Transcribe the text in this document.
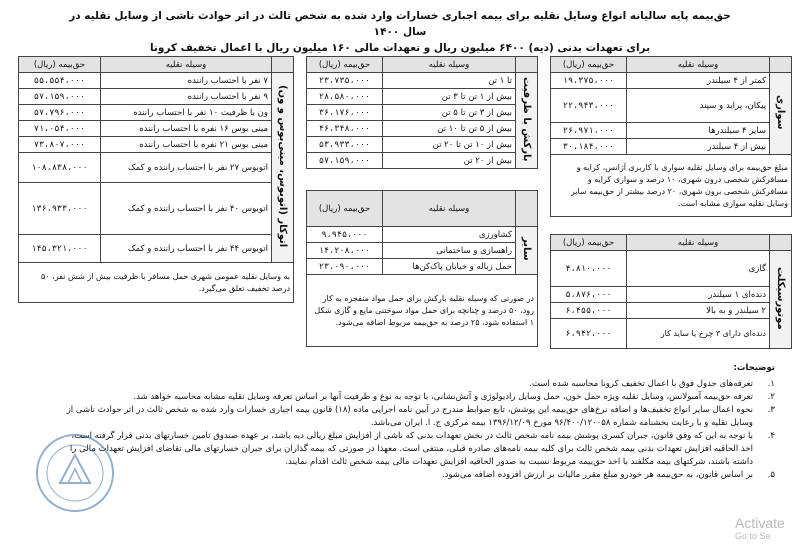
حق‌بیمه پایه سالیانه انواع وسایل نقلیه برای بیمه اجباری خسارات وارد شده به شخص ثالث در اثر حوادث ناشی از وسایل نقلیه در سال ۱۴۰۰
برای تعهدات بدنی (دیه) ۶۴۰۰ میلیون ریال و تعهدات مالی ۱۶۰ میلیون ریال با اعمال تخفیف کرونا
	وسیله نقلیه	حق‌بیمه (ریال)
سواری	کمتر از ۴ سیلندر	۱۹،۳۷۵،۰۰۰
	پیکان، پراید و سپند	۲۲،۹۴۳،۰۰۰
	سایر ۴ سیلندرها	۲۶،۹۷۱،۰۰۰
	بیش از ۴ سیلندر	۳۰،۱۸۴،۰۰۰
مبلغ حق‌بیمه برای وسایل نقلیه سواری با کاربری آژانس، کرایه و مسافرکش شخصی درون شهری، ۱۰ درصد و سواری کرایه و مسافرکش شخصی برون شهری، ۲۰ درصد بیشتر از حق‌بیمه سایر وسایل نقلیه سواری مشابه است.		
	وسیله نقلیه	حق‌بیمه (ریال)
موتورسیکلت	گازی	۴،۸۱۰،۰۰۰
	دنده‌ای ۱ سیلندر	۵،۸۷۶،۰۰۰
	۲ سیلندر و به بالا	۶،۴۵۵،۰۰۰
	دنده‌ای دارای ۳ چرخ یا ساید کار	۶،۹۴۲،۰۰۰
	وسیله نقلیه	حق‌بیمه (ریال)
بارکش با ظرفیت	تا ۱ تن	۲۳،۷۳۵،۰۰۰
	بیش از ۱ تن تا ۳ تن	۲۸،۵۸۰،۰۰۰
	بیش از ۳ تن تا ۵ تن	۳۶،۱۷۶،۰۰۰
	بیش از ۵ تن تا ۱۰ تن	۴۶،۳۴۸،۰۰۰
	بیش از ۱۰ تن تا ۲۰ تن	۵۳،۹۳۳،۰۰۰
	بیش از ۲۰ تن	۵۷،۱۵۹،۰۰۰
	وسیله نقلیه	حق‌بیمه (ریال)
سایر	کشاورزی	۹،۹۴۵،۰۰۰
	راهسازی و ساختمانی	۱۴،۲۰۸،۰۰۰
	حمل زباله و خیابان پاک‌کن‌ها	۲۳،۰۹۰،۰۰۰
در صورتی که وسیله نقلیه بارکش برای حمل مواد منفجره به کار رود، ۵۰ درصد و چنانچه برای حمل مواد سوختنی مایع و گازی شکل ۱ استفاده شود، ۲۵ درصد به حق‌بیمه مربوط اضافه می‌شود.		
	وسیله نقلیه	حق‌بیمه (ریال)
اتوکار (اتوبوس، مینی‌بوس و ون)	۷ نفر با احتساب راننده	۵۵،۵۵۴،۰۰۰
	۹ نفر با احتساب راننده	۵۷،۱۵۹،۰۰۰
	ون با ظرفیت ۱۰ نفر با احتساب راننده	۵۷،۷۹۶،۰۰۰
	مینی بوس ۱۶ نفره با احتساب راننده	۷۱،۰۵۴،۰۰۰
	مینی بوس ۲۱ نفره با احتساب راننده	۷۳،۸۰۷،۰۰۰
	اتوبوس ۲۷ نفر با احتساب راننده و کمک	۱۰۸،۸۳۸،۰۰۰
	اتوبوس ۴۰ نفر با احتساب راننده و کمک	۱۳۶،۹۳۳،۰۰۰
	اتوبوس ۴۴ نفر با احتساب راننده و کمک	۱۴۵،۳۲۱،۰۰۰
به وسایل نقلیه عمومی شهری حمل مسافر با ظرفیت بیش از شش نفر، ۵۰ درصد تخفیف تعلق می‌گیرد.		
توضیحات:
۱.
تعرفه‌های جدول فوق با اعمال تخفیف کرونا محاسبه شده است.
۲.
تعرفه حق‌بیمه آمبولانس، وسایل نقلیه ویژه حمل خون، حمل وسایل رادیولوژی و آتش‌نشانی، با توجه به نوع و ظرفیت آنها بر اساس تعرفه وسایل نقلیه مشابه محاسبه خواهد شد.
۳.
نحوه اعمال سایر انواع تخفیف‌ها و اضافه نرخ‌های حق‌بیمه این پوشش، تابع ضوابط مندرج در آیین نامه اجرایی ماده (۱۸) قانون بیمه اجباری خسارات وارد شده به شخص ثالث در اثر حوادث ناشی از وسایل نقلیه و با رعایت بخشنامه شماره ۹۶/۴۰۰/۱۲۰۰۵۸ مورخ ۱۳۹۶/۱۲/۰۹ بیمه مرکزی ج. ا. ایران می‌باشد.
۴.
با توجه به این که وفق قانون، جبران کسری پوشش بیمه نامه شخص ثالث در بخش تعهدات بدنی که ناشی از افزایش مبلغ ریالی دیه باشد، بر عهده صندوق تامین خسارتهای بدنی قرار گرفته است، اخذ الحاقیه افزایش تعهدات بدنی بیمه شخص ثالث برای کلیه بیمه نامه‌های صادره قبلی، منتفی است. معهذا در صورتی که بیمه گذاران برای جبران خسارتهای مالی تقاضای افزایش تعهدات مالی را داشته باشند، شرکتهای بیمه مکلفند با اخذ حق‌بیمه مربوط نسبت به صدور الحاقیه افزایش تعهدات مالی بیمه شخص ثالث اقدام نمایند.
۵.
بر اساس قانون، به حق‌بیمه هر خودرو مبلغ مقرر مالیات بر ارزش افزوده اضافه می‌شود.
Activate
Go to Se
